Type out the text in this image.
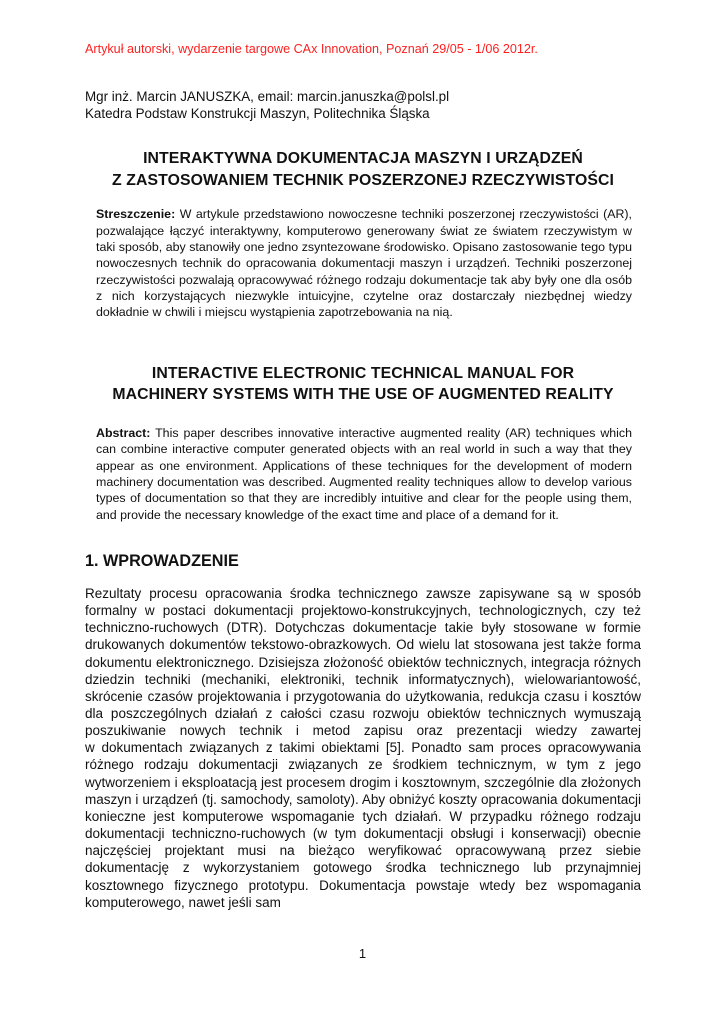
Artykuł autorski, wydarzenie targowe CAx Innovation, Poznań 29/05 - 1/06 2012r.
Mgr inż. Marcin JANUSZKA, email: marcin.januszka@polsl.pl
Katedra Podstaw Konstrukcji Maszyn, Politechnika Śląska
INTERAKTYWNA DOKUMENTACJA MASZYN I URZĄDZEŃ
Z ZASTOSOWANIEM TECHNIK POSZERZONEJ RZECZYWISTOŚCI

Streszczenie: W artykule przedstawiono nowoczesne techniki poszerzonej rzeczywistości (AR), pozwalające łączyć interaktywny, komputerowo generowany świat ze światem rzeczywistym w taki sposób, aby stanowiły one jedno zsyntezowane środowisko. Opisano zastosowanie tego typu nowoczesnych technik do opracowania dokumentacji maszyn i urządzeń. Techniki poszerzonej rzeczywistości pozwalają opracowywać różnego rodzaju dokumentacje tak aby były one dla osób z nich korzystających niezwykle intuicyjne, czytelne oraz dostarczały niezbędnej wiedzy dokładnie w chwili i miejscu wystąpienia zapotrzebowania na nią.

INTERACTIVE ELECTRONIC TECHNICAL MANUAL FOR
MACHINERY SYSTEMS WITH THE USE OF AUGMENTED REALITY

Abstract: This paper describes innovative interactive augmented reality (AR) techniques which can combine interactive computer generated objects with an real world in such a way that they appear as one environment. Applications of these techniques for the development of modern machinery documentation was described. Augmented reality techniques allow to develop various types of documentation so that they are incredibly intuitive and clear for the people using them, and provide the necessary knowledge of the exact time and place of a demand for it.

1. WPROWADZENIE

Rezultaty procesu opracowania środka technicznego zawsze zapisywane są w sposób formalny w postaci dokumentacji projektowo-konstrukcyjnych, technologicznych, czy też techniczno-ruchowych (DTR). Dotychczas dokumentacje takie były stosowane w formie drukowanych dokumentów tekstowo-obrazkowych. Od wielu lat stosowana jest także forma dokumentu elektronicznego. Dzisiejsza złożoność obiektów technicznych, integracja różnych dziedzin techniki (mechaniki, elektroniki, technik informatycznych), wielowariantowość, skrócenie czasów projektowania i przygotowania do użytkowania, redukcja czasu i kosztów dla poszczególnych działań z całości czasu rozwoju obiektów technicznych wymuszają poszukiwanie nowych technik i metod zapisu oraz prezentacji wiedzy zawartej w dokumentach związanych z takimi obiektami [5]. Ponadto sam proces opracowywania różnego rodzaju dokumentacji związanych ze środkiem technicznym, w tym z jego wytworzeniem i eksploatacją jest procesem drogim i kosztownym, szczególnie dla złożonych maszyn i urządzeń (tj. samochody, samoloty). Aby obniżyć koszty opracowania dokumentacji konieczne jest komputerowe wspomaganie tych działań. W przypadku różnego rodzaju dokumentacji techniczno-ruchowych (w tym dokumentacji obsługi i konserwacji) obecnie najczęściej projektant musi na bieżąco weryfikować opracowywaną przez siebie dokumentację z wykorzystaniem gotowego środka technicznego lub przynajmniej kosztownego fizycznego prototypu. Dokumentacja powstaje wtedy bez wspomagania komputerowego, nawet jeśli sam

1
